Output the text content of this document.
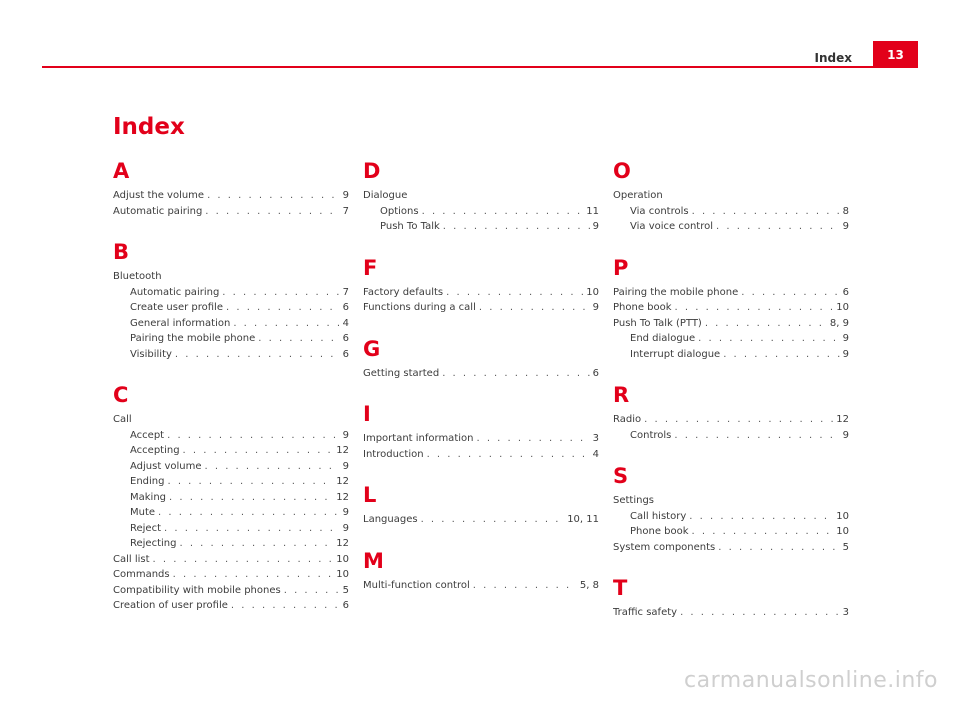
Index	13
Index
A
Adjust the volume . . .	9
Automatic pairing . . .	7
B
Bluetooth
Automatic pairing . . .	7
Create user profile . . .	6
General information . . .	4
Pairing the mobile phone . . .	6
Visibility . . .	6
C
Call
Accept . . .	9
Accepting . . .	12
Adjust volume . . .	9
Ending . . .	12
Making . . .	12
Mute . . .	9
Reject . . .	9
Rejecting . . .	12
Call list . . .	10
Commands . . .	10
Compatibility with mobile phones . . .	5
Creation of user profile . . .	6
D
Dialogue
Options . . .	11
Push To Talk . . .	9
F
Factory defaults . . .	10
Functions during a call . . .	9
G
Getting started . . .	6
I
Important information . . .	3
Introduction . . .	4
L
Languages . . .	10, 11
M
Multi-function control . . .	5, 8
O
Operation
Via controls . . .	8
Via voice control . . .	9
P
Pairing the mobile phone . . .	6
Phone book . . .	10
Push To Talk (PTT) . . .	8, 9
End dialogue . . .	9
Interrupt dialogue . . .	9
R
Radio . . .	12
Controls . . .	9
S
Settings
Call history . . .	10
Phone book . . .	10
System components . . .	5
T
Traffic safety . . .	3
carmanualsonline.info
